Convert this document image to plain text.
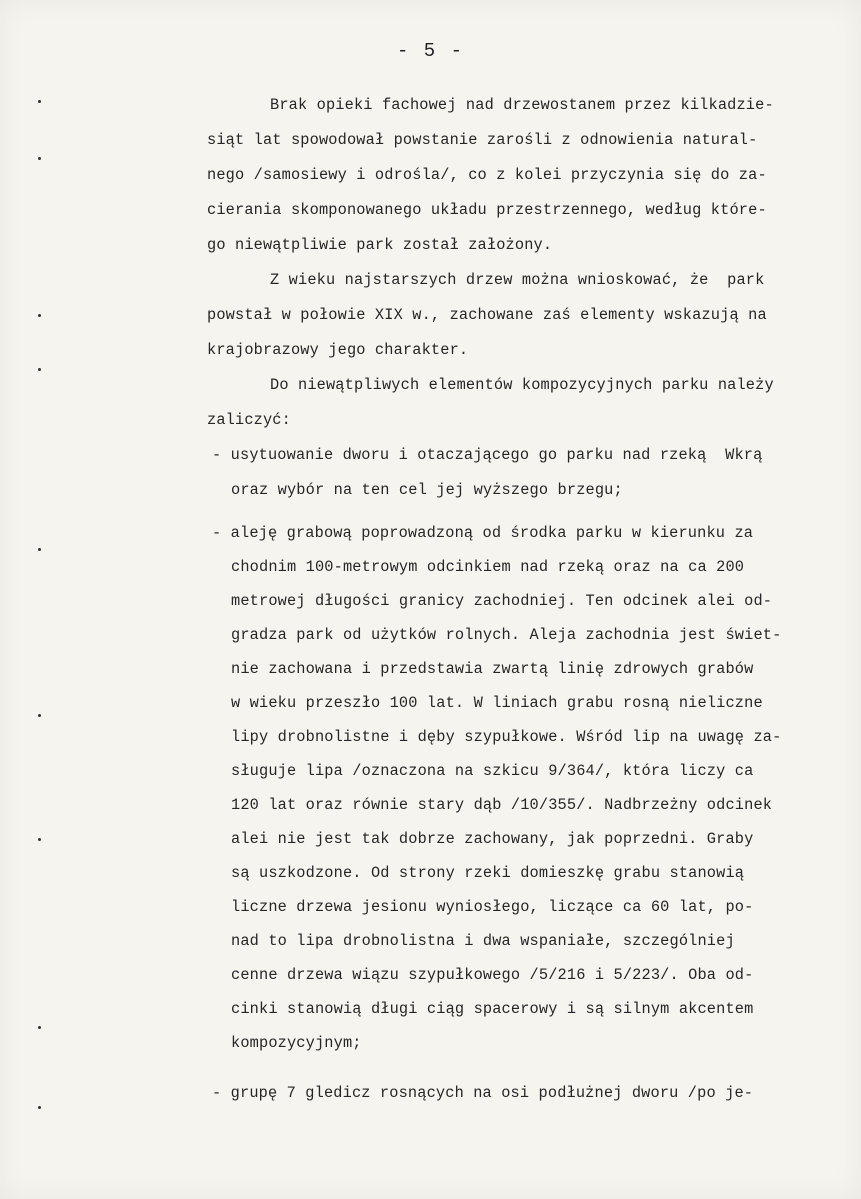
- 5 -
Brak opieki fachowej nad drzewostanem przez kilkadzie-
siąt lat spowodował powstanie zarośli z odnowienia natural-
nego /samosiewy i odrośla/, co z kolei przyczynia się do za-
cierania skomponowanego układu przestrzennego, według które-
go niewątpliwie park został założony.
Z wieku najstarszych drzew można wnioskować, że  park
powstał w połowie XIX w., zachowane zaś elementy wskazują na
krajobrazowy jego charakter.
Do niewątpliwych elementów kompozycyjnych parku należy
zaliczyć:
- usytuowanie dworu i otaczającego go parku nad rzeką  Wkrą
oraz wybór na ten cel jej wyższego brzegu;
- aleję grabową poprowadzoną od środka parku w kierunku za
chodnim 100-metrowym odcinkiem nad rzeką oraz na ca 200
metrowej długości granicy zachodniej. Ten odcinek alei od-
gradza park od użytków rolnych. Aleja zachodnia jest świet-
nie zachowana i przedstawia zwartą linię zdrowych grabów
w wieku przeszło 100 lat. W liniach grabu rosną nieliczne
lipy drobnolistne i dęby szypułkowe. Wśród lip na uwagę za-
sługuje lipa /oznaczona na szkicu 9/364/, która liczy ca
120 lat oraz równie stary dąb /10/355/. Nadbrzeżny odcinek
alei nie jest tak dobrze zachowany, jak poprzedni. Graby
są uszkodzone. Od strony rzeki domieszkę grabu stanowią
liczne drzewa jesionu wyniosłego, liczące ca 60 lat, po-
nad to lipa drobnolistna i dwa wspaniałe, szczególniej
cenne drzewa wiązu szypułkowego /5/216 i 5/223/. Oba od-
cinki stanowią długi ciąg spacerowy i są silnym akcentem
kompozycyjnym;
- grupę 7 gledicz rosnących na osi podłużnej dworu /po je-
